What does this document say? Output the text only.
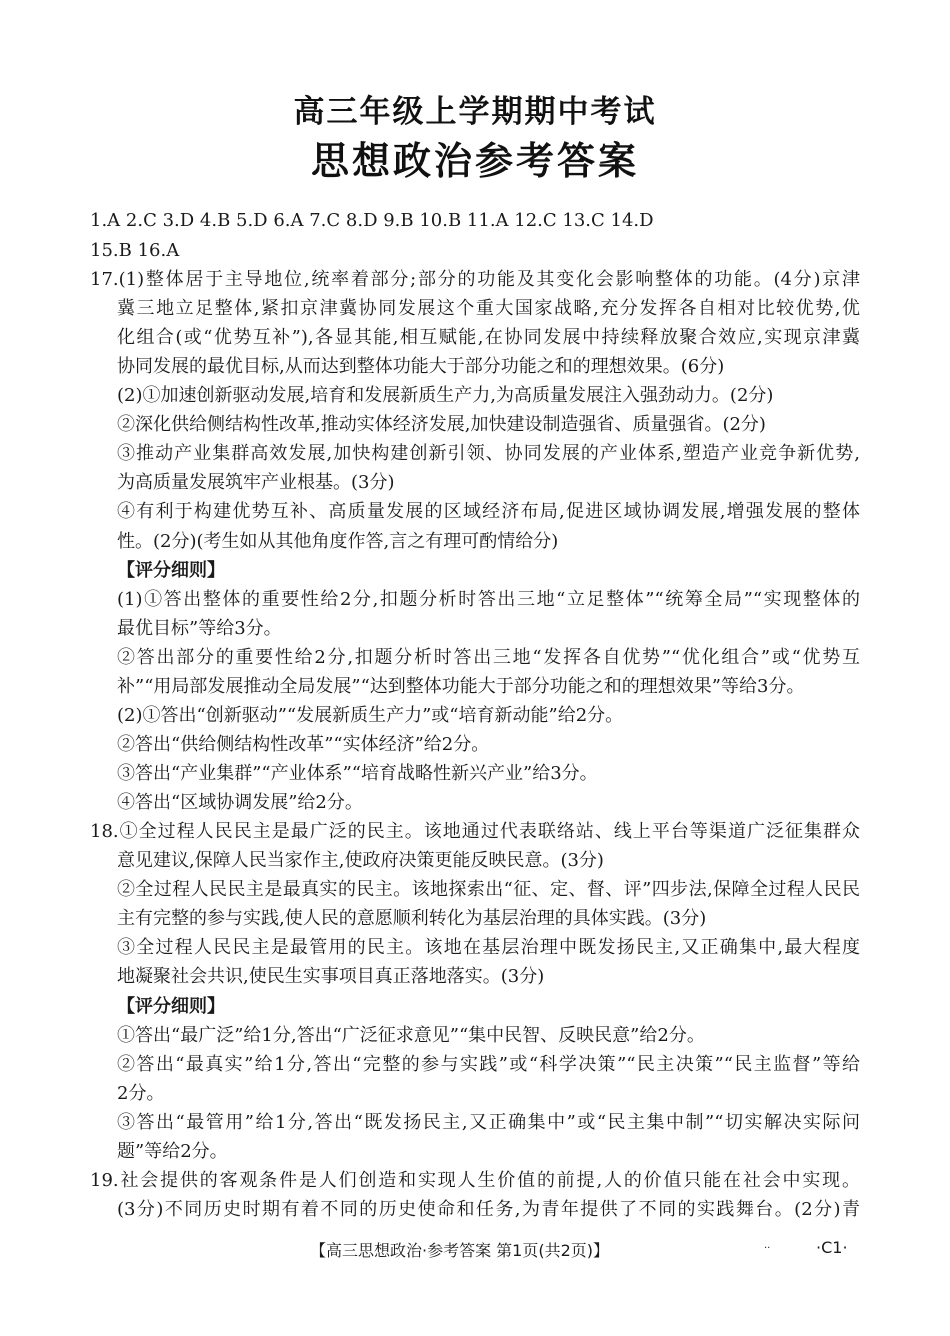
高三年级上学期期中考试
思想政治参考答案
1.A 2.C 3.D 4.B 5.D 6.A 7.C 8.D 9.B 10.B 11.A 12.C 13.C 14.D
15.B 16.A
17.(1)整体居于主导地位,统率着部分;部分的功能及其变化会影响整体的功能。(4分)京津
冀三地立足整体,紧扣京津冀协同发展这个重大国家战略,充分发挥各自相对比较优势,优
化组合(或“优势互补”),各显其能,相互赋能,在协同发展中持续释放聚合效应,实现京津冀
协同发展的最优目标,从而达到整体功能大于部分功能之和的理想效果。(6分)
(2)①加速创新驱动发展,培育和发展新质生产力,为高质量发展注入强劲动力。(2分)
②深化供给侧结构性改革,推动实体经济发展,加快建设制造强省、质量强省。(2分)
③推动产业集群高效发展,加快构建创新引领、协同发展的产业体系,塑造产业竞争新优势,
为高质量发展筑牢产业根基。(3分)
④有利于构建优势互补、高质量发展的区域经济布局,促进区域协调发展,增强发展的整体
性。(2分)(考生如从其他角度作答,言之有理可酌情给分)
【评分细则】
(1)①答出整体的重要性给2分,扣题分析时答出三地“立足整体”“统筹全局”“实现整体的
最优目标”等给3分。
②答出部分的重要性给2分,扣题分析时答出三地“发挥各自优势”“优化组合”或“优势互
补”“用局部发展推动全局发展”“达到整体功能大于部分功能之和的理想效果”等给3分。
(2)①答出“创新驱动”“发展新质生产力”或“培育新动能”给2分。
②答出“供给侧结构性改革”“实体经济”给2分。
③答出“产业集群”“产业体系”“培育战略性新兴产业”给3分。
④答出“区域协调发展”给2分。
18.①全过程人民民主是最广泛的民主。该地通过代表联络站、线上平台等渠道广泛征集群众
意见建议,保障人民当家作主,使政府决策更能反映民意。(3分)
②全过程人民民主是最真实的民主。该地探索出“征、定、督、评”四步法,保障全过程人民民
主有完整的参与实践,使人民的意愿顺利转化为基层治理的具体实践。(3分)
③全过程人民民主是最管用的民主。该地在基层治理中既发扬民主,又正确集中,最大程度
地凝聚社会共识,使民生实事项目真正落地落实。(3分)
【评分细则】
①答出“最广泛”给1分,答出“广泛征求意见”“集中民智、反映民意”给2分。
②答出“最真实”给1分,答出“完整的参与实践”或“科学决策”“民主决策”“民主监督”等给
2分。
③答出“最管用”给1分,答出“既发扬民主,又正确集中”或“民主集中制”“切实解决实际问
题”等给2分。
19.社会提供的客观条件是人们创造和实现人生价值的前提,人的价值只能在社会中实现。
(3分)不同历史时期有着不同的历史使命和任务,为青年提供了不同的实践舞台。(2分)青
【高三思想政治·参考答案 第1页(共2页)】	..	·C1·
